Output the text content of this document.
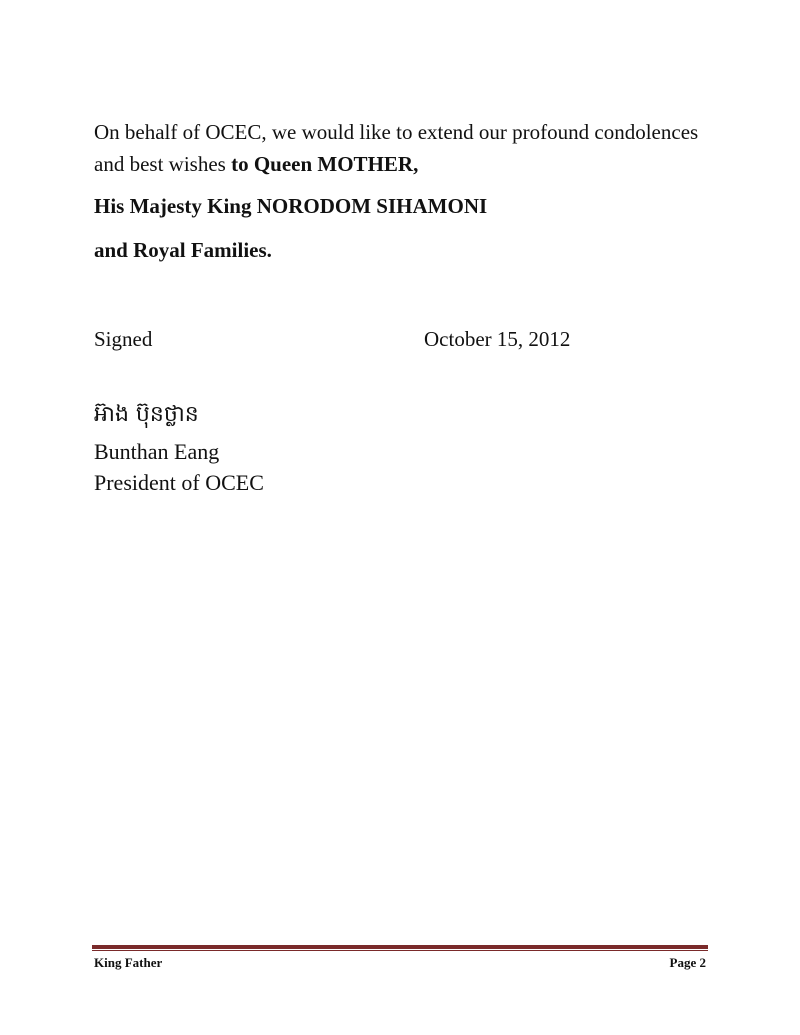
On behalf of OCEC, we would like to extend our profound condolences and best wishes to Queen MOTHER,

His Majesty King NORODOM SIHAMONI
and Royal Families.
Signed	October 15, 2012
អ៊ាង ប៊ុនថ្លាន
Bunthan Eang
President of OCEC
King Father	Page 2
